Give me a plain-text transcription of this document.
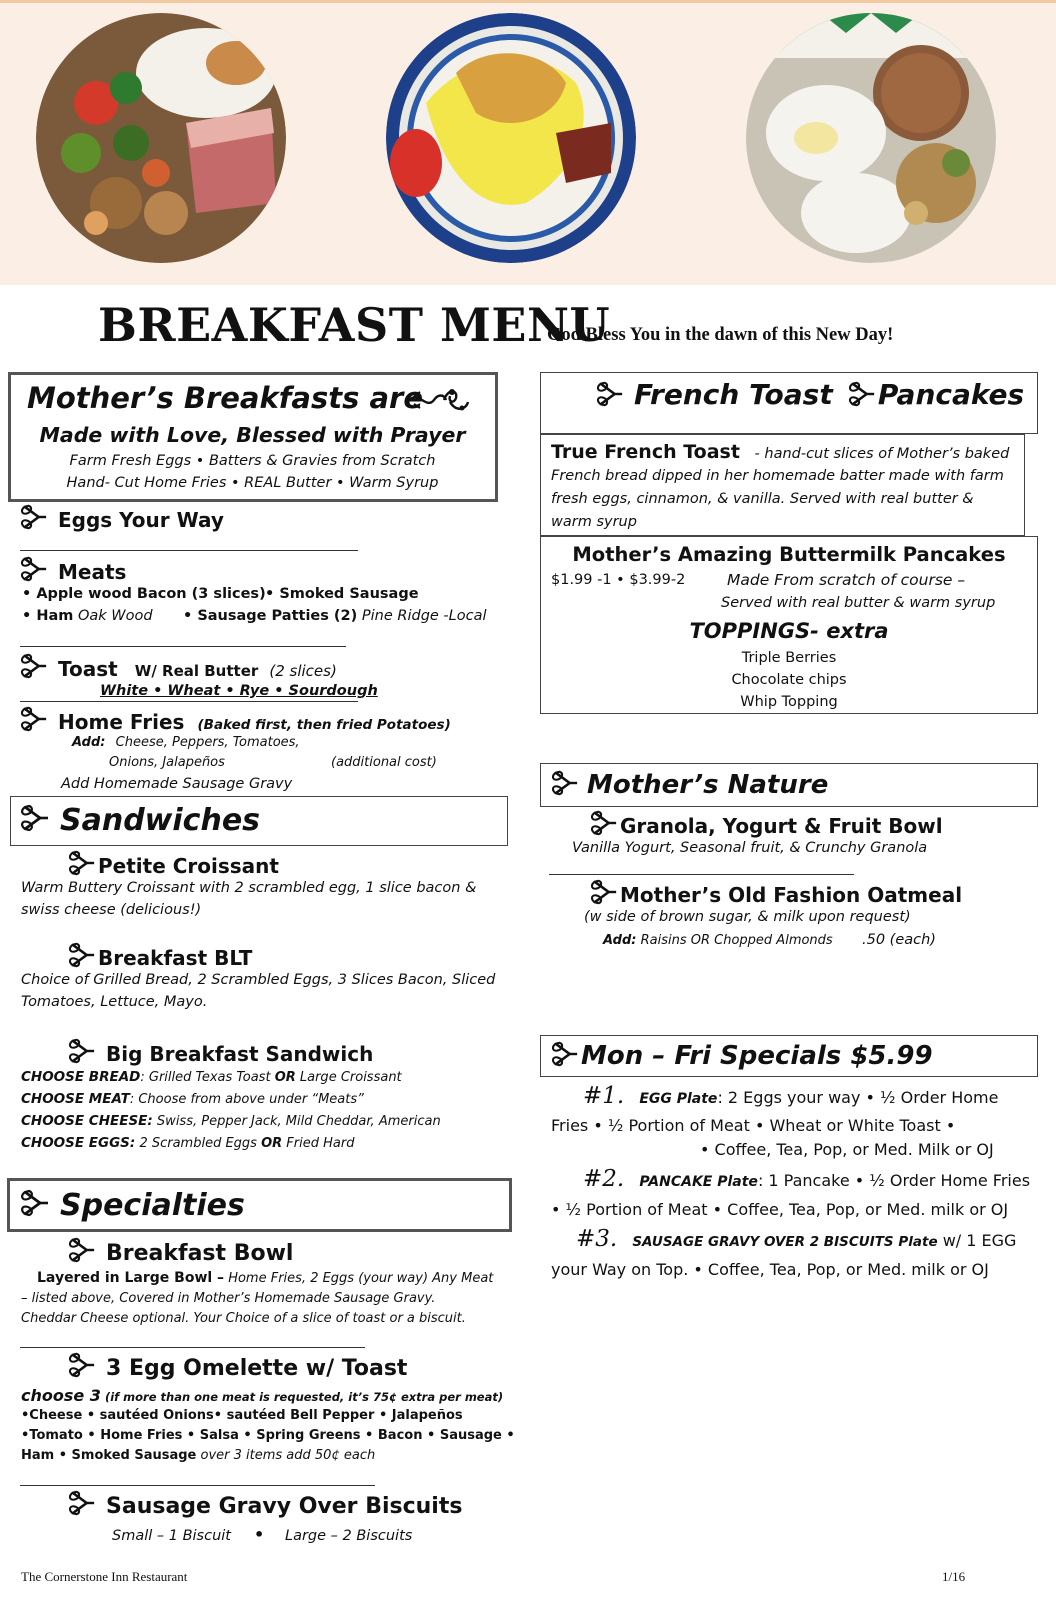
BREAKFAST MENU
God Bless You in the dawn of this New Day!
Mother’s Breakfasts are
Made with Love, Blessed with Prayer
Farm Fresh Eggs • Batters & Gravies from Scratch
Hand- Cut Home Fries • REAL Butter • Warm Syrup
Eggs Your Way
Meats
• Apple wood Bacon (3 slices) • Smoked Sausage
• Ham Oak Wood • Sausage Patties (2) Pine Ridge -Local
Toast W/ Real Butter (2 slices)
White • Wheat • Rye • Sourdough
Home Fries (Baked first, then fried Potatoes)
Add: Cheese, Peppers, Tomatoes,
Onions, Jalapeños	(additional cost)
Add Homemade Sausage Gravy
Sandwiches
Petite Croissant
Warm Buttery Croissant with 2 scrambled egg, 1 slice bacon &
swiss cheese (delicious!)
Breakfast BLT
Choice of Grilled Bread, 2 Scrambled Eggs, 3 Slices Bacon, Sliced
Tomatoes, Lettuce, Mayo.
Big Breakfast Sandwich
CHOOSE BREAD: Grilled Texas Toast OR Large Croissant
CHOOSE MEAT: Choose from above under “Meats”
CHOOSE CHEESE: Swiss, Pepper Jack, Mild Cheddar, American
CHOOSE EGGS: 2 Scrambled Eggs OR Fried Hard
Specialties
Breakfast Bowl
Layered in Large Bowl – Home Fries, 2 Eggs (your way) Any Meat
– listed above, Covered in Mother’s Homemade Sausage Gravy.
Cheddar Cheese optional. Your Choice of a slice of toast or a biscuit.
3 Egg Omelette w/ Toast
choose 3 (if more than one meat is requested, it’s 75¢ extra per meat)
•Cheese • sautéed Onions• sautéed Bell Pepper • Jalapeños
•Tomato • Home Fries • Salsa • Spring Greens • Bacon • Sausage •
Ham • Smoked Sausage over 3 items add 50¢ each
Sausage Gravy Over Biscuits
Small – 1 Biscuit • Large – 2 Biscuits
French Toast Pancakes
True French Toast - hand-cut slices of Mother’s baked
French bread dipped in her homemade batter made with farm
fresh eggs, cinnamon, & vanilla. Served with real butter &
warm syrup
Mother’s Amazing Buttermilk Pancakes
$1.99 -1 • $3.99-2	Made From scratch of course –
Served with real butter & warm syrup
TOPPINGS- extra
Triple Berries
Chocolate chips
Whip Topping
Mother’s Nature
Granola, Yogurt & Fruit Bowl
Vanilla Yogurt, Seasonal fruit, & Crunchy Granola
Mother’s Old Fashion Oatmeal
(w side of brown sugar, & milk upon request)
Add: Raisins OR Chopped Almonds .50 (each)
Mon – Fri Specials $5.99
#1. EGG Plate: 2 Eggs your way • ½ Order Home
Fries • ½ Portion of Meat • Wheat or White Toast •
• Coffee, Tea, Pop, or Med. Milk or OJ
#2. PANCAKE Plate: 1 Pancake • ½ Order Home Fries
• ½ Portion of Meat • Coffee, Tea, Pop, or Med. milk or OJ
#3. SAUSAGE GRAVY OVER 2 BISCUITS Plate w/ 1 EGG
your Way on Top. • Coffee, Tea, Pop, or Med. milk or OJ
The Cornerstone Inn Restaurant	1/16
